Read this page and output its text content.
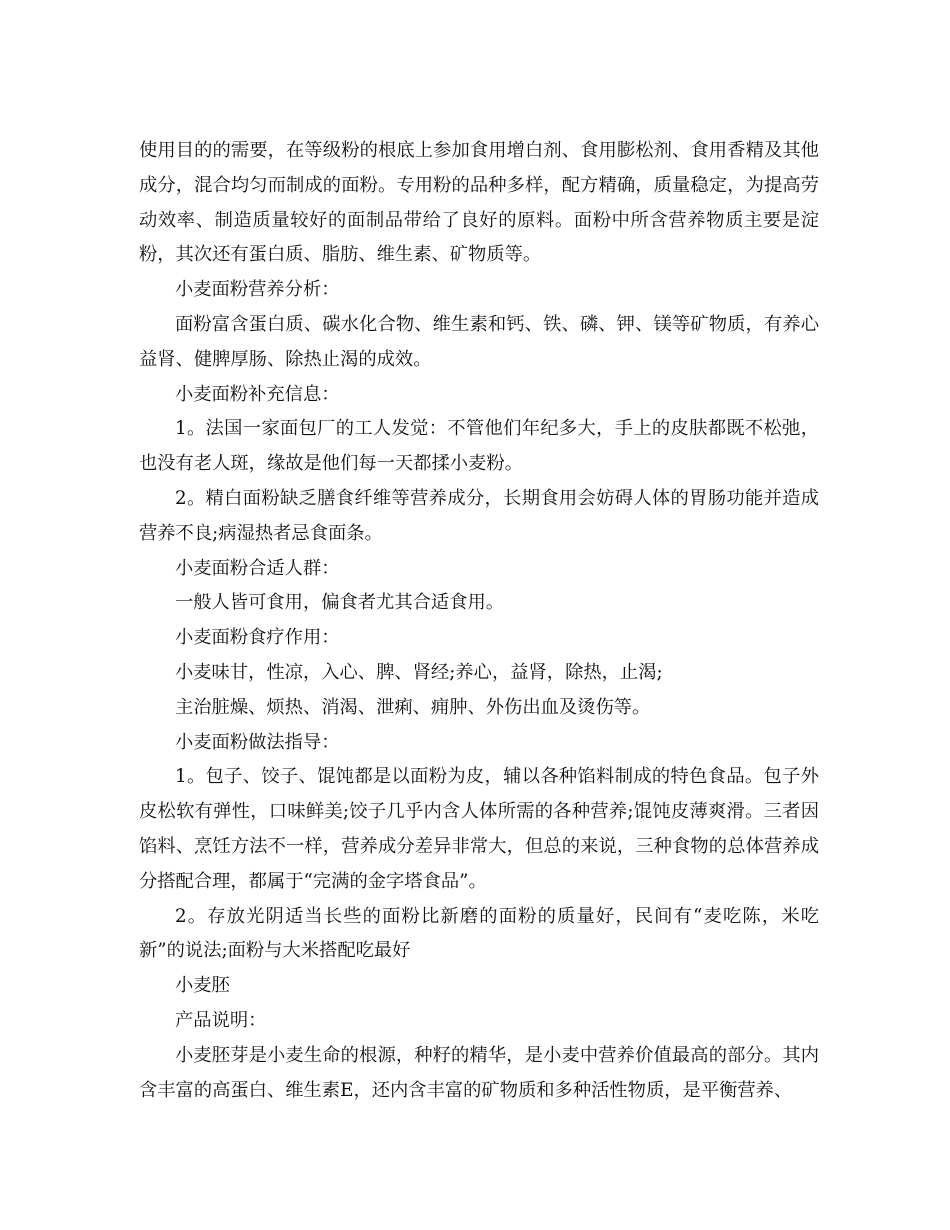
使用目的的需要，在等级粉的根底上参加食用增白剂、食用膨松剂、食用香精及其他成分，混合均匀而制成的面粉。专用粉的品种多样，配方精确，质量稳定，为提高劳动效率、制造质量较好的面制品带给了良好的原料。面粉中所含营养物质主要是淀粉，其次还有蛋白质、脂肪、维生素、矿物质等。

小麦面粉营养分析：

面粉富含蛋白质、碳水化合物、维生素和钙、铁、磷、钾、镁等矿物质，有养心益肾、健脾厚肠、除热止渴的成效。

小麦面粉补充信息：

1。法国一家面包厂的工人发觉：不管他们年纪多大，手上的皮肤都既不松弛，也没有老人斑，缘故是他们每一天都揉小麦粉。

2。精白面粉缺乏膳食纤维等营养成分，长期食用会妨碍人体的胃肠功能并造成营养不良;病湿热者忌食面条。

小麦面粉合适人群：

一般人皆可食用，偏食者尤其合适食用。

小麦面粉食疗作用：

小麦味甘，性凉，入心、脾、肾经;养心，益肾，除热，止渴;

主治脏燥、烦热、消渴、泄痢、痈肿、外伤出血及烫伤等。

小麦面粉做法指导：

1。包子、饺子、馄饨都是以面粉为皮，辅以各种馅料制成的特色食品。包子外皮松软有弹性，口味鲜美;饺子几乎内含人体所需的各种营养;馄饨皮薄爽滑。三者因馅料、烹饪方法不一样，营养成分差异非常大，但总的来说，三种食物的总体营养成分搭配合理，都属于“完满的金字塔食品”。

2。存放光阴适当长些的面粉比新磨的面粉的质量好，民间有“麦吃陈，米吃新”的说法;面粉与大米搭配吃最好

小麦胚

产品说明：

小麦胚芽是小麦生命的根源，种籽的精华，是小麦中营养价值最高的部分。其内含丰富的高蛋白、维生素E，还内含丰富的矿物质和多种活性物质，是平衡营养、
